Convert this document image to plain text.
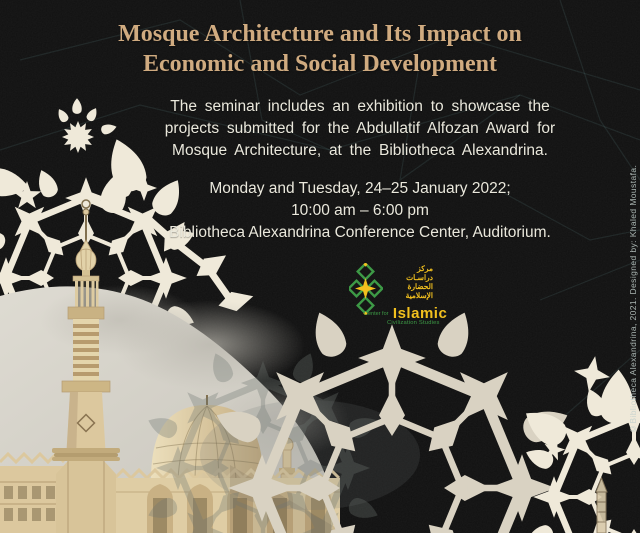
Mosque Architecture and Its Impact on
Economic and Social Development
The seminar includes an exhibition to showcase the
projects submitted for the Abdullatif Alfozan Award for
Mosque Architecture, at the Bibliotheca Alexandrina.
Monday and Tuesday, 24–25 January 2022;
10:00 am – 6:00 pm
Bibliotheca Alexandrina Conference Center, Auditorium.
مركز
دراسـات
الحضارة
الإسلامية
Center for Islamic
Civilization Studies	©Bibliotheca Alexandrina, 2021. Designed by: Khaled Moustafa.
